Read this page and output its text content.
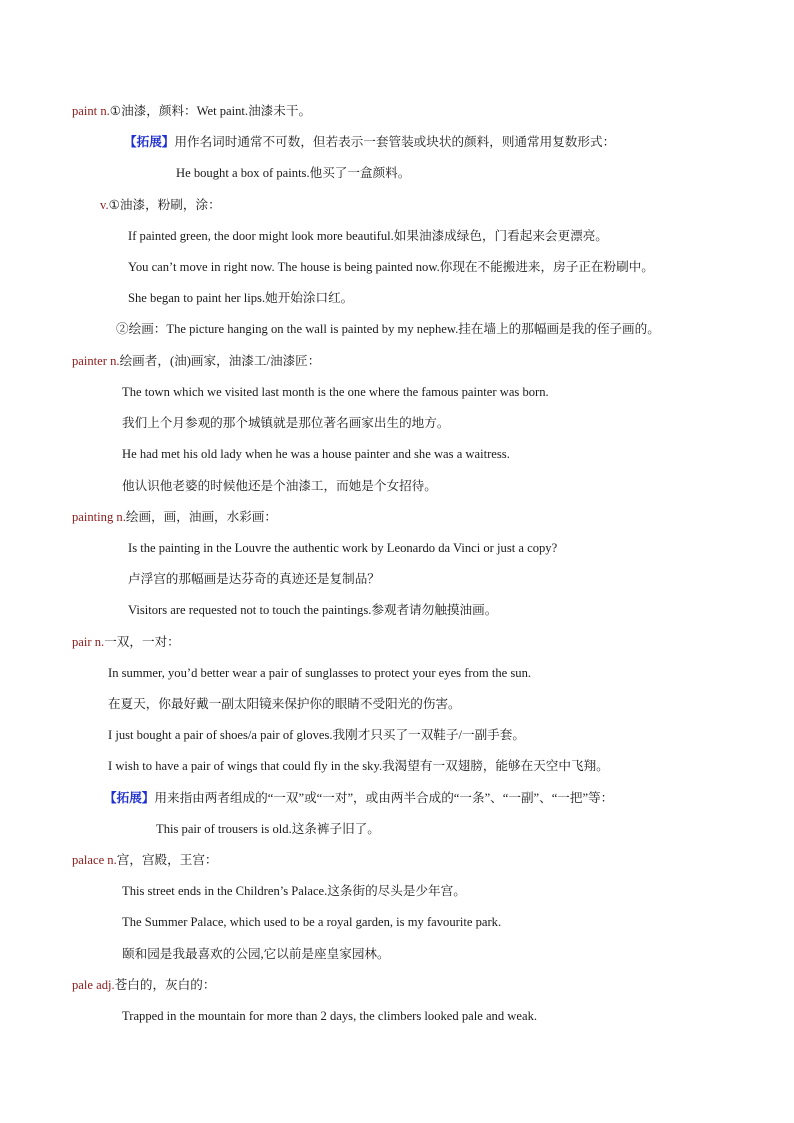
paint n.①油漆，颜料：Wet paint.油漆未干。
【拓展】用作名词时通常不可数，但若表示一套管装或块状的颜料，则通常用复数形式：
He bought a box of paints.他买了一盒颜料。
v.①油漆，粉刷，涂：
If painted green, the door might look more beautiful.如果油漆成绿色，门看起来会更漂亮。
You can’t move in right now. The house is being painted now.你现在不能搬进来，房子正在粉刷中。
She began to paint her lips.她开始涂口红。
②绘画：The picture hanging on the wall is painted by my nephew.挂在墙上的那幅画是我的侄子画的。
painter n.绘画者，(油)画家，油漆工/油漆匠：
The town which we visited last month is the one where the famous painter was born.
我们上个月参观的那个城镇就是那位著名画家出生的地方。
He had met his old lady when he was a house painter and she was a waitress.
他认识他老婆的时候他还是个油漆工，而她是个女招待。
painting n.绘画，画，油画，水彩画：
Is the painting in the Louvre the authentic work by Leonardo da Vinci or just a copy?
卢浮宫的那幅画是达芬奇的真迹还是复制品？
Visitors are requested not to touch the paintings.参观者请勿触摸油画。
pair n.一双，一对：
In summer, you’d better wear a pair of sunglasses to protect your eyes from the sun.
在夏天，你最好戴一副太阳镜来保护你的眼睛不受阳光的伤害。
I just bought a pair of shoes/a pair of gloves.我刚才只买了一双鞋子/一副手套。
I wish to have a pair of wings that could fly in the sky.我渴望有一双翅膀，能够在天空中飞翔。
【拓展】用来指由两者组成的“一双”或“一对”，或由两半合成的“一条”、“一副”、“一把”等：
This pair of trousers is old.这条裤子旧了。
palace n.宫，宫殿，王宫：
This street ends in the Children’s Palace.这条街的尽头是少年宫。
The Summer Palace, which used to be a royal garden, is my favourite park.
颐和园是我最喜欢的公园,它以前是座皇家园林。
pale adj.苍白的，灰白的：
Trapped in the mountain for more than 2 days, the climbers looked pale and weak.
